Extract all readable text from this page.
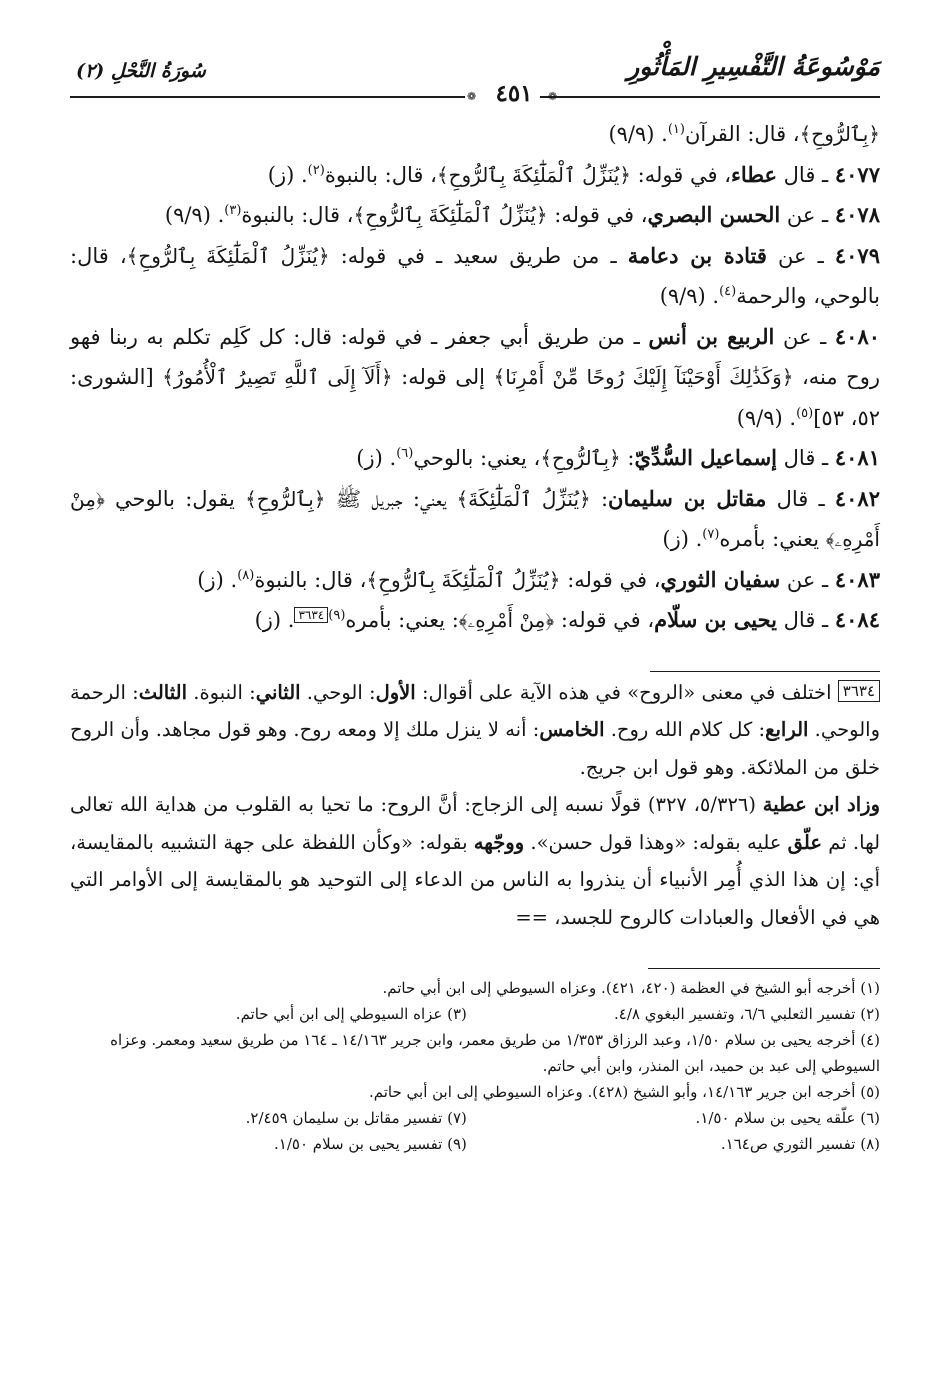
مَوْسُوعَةُ التَّفْسِيرِ المَأْثُورِ
سُورَةُ النَّحْلِ (٢)
❁
❁ ٤٥١

﴿بِٱلرُّوحِ﴾، قال: القرآن$^{(١)}$. (٩/٩)

٤٠٧٧ ـ قال عطاء، في قوله: ﴿يُنَزِّلُ ٱلْمَلَٰٓئِكَةَ بِٱلرُّوحِ﴾، قال: بالنبوة$^{(٢)}$. (ز)

٤٠٧٨ ـ عن الحسن البصري، في قوله: ﴿يُنَزِّلُ ٱلْمَلَٰٓئِكَةَ بِٱلرُّوحِ﴾، قال: بالنبوة$^{(٣)}$. (٩/٩)

٤٠٧٩ ـ عن قتادة بن دعامة ـ من طريق سعيد ـ في قوله: ﴿يُنَزِّلُ ٱلْمَلَٰٓئِكَةَ بِٱلرُّوحِ﴾، قال: بالوحي، والرحمة$^{(٤)}$. (٩/٩)

٤٠٨٠ ـ عن الربيع بن أنس ـ من طريق أبي جعفر ـ في قوله: قال: كل كَلِم تكلم به ربنا فهو روح منه، ﴿وَكَذَٰلِكَ أَوْحَيْنَآ إِلَيْكَ رُوحًا مِّنْ أَمْرِنَا﴾ إلى قوله: ﴿أَلَآ إِلَى ٱللَّهِ تَصِيرُ ٱلْأُمُورُ﴾ [الشورى: ٥٢، ٥٣]$^{(٥)}$. (٩/٩)

٤٠٨١ ـ قال إسماعيل السُّدِّيّ: ﴿بِٱلرُّوحِ﴾، يعني: بالوحي$^{(٦)}$. (ز)

٤٠٨٢ ـ قال مقاتل بن سليمان: ﴿يُنَزِّلُ ٱلْمَلَٰٓئِكَةَ﴾ يعني: جبريل ﷺ ﴿بِٱلرُّوحِ﴾ يقول: بالوحي ﴿مِنْ أَمْرِهِۦ﴾ يعني: بأمره$^{(٧)}$. (ز)

٤٠٨٣ ـ عن سفيان الثوري، في قوله: ﴿يُنَزِّلُ ٱلْمَلَٰٓئِكَةَ بِٱلرُّوحِ﴾، قال: بالنبوة$^{(٨)}$. (ز)

٤٠٨٤ ـ قال يحيى بن سلّام، في قوله: ﴿مِنْ أَمْرِهِۦ﴾: يعني: بأمره$^{(٩)}$٣٦٣٤. (ز)

٣٦٣٤ اختلف في معنى «الروح» في هذه الآية على أقوال: الأول: الوحي. الثاني: النبوة. الثالث: الرحمة والوحي. الرابع: كل كلام الله روح. الخامس: أنه لا ينزل ملك إلا ومعه روح. وهو قول مجاهد. وأن الروح خلق من الملائكة. وهو قول ابن جريج.

وزاد ابن عطية (٥/٣٢٦، ٣٢٧) قولًا نسبه إلى الزجاج: أنَّ الروح: ما تحيا به القلوب من هداية الله تعالى لها. ثم علّق عليه بقوله: «وهذا قول حسن». ووجّهه بقوله: «وكأن اللفظة على جهة التشبيه بالمقايسة، أي: إن هذا الذي أُمِر الأنبياء أن ينذروا به الناس من الدعاء إلى التوحيد هو بالمقايسة إلى الأوامر التي هي في الأفعال والعبادات كالروح للجسد، ==

(١) أخرجه أبو الشيخ في العظمة (٤٢٠، ٤٢١). وعزاه السيوطي إلى ابن أبي حاتم.
(٢) تفسير الثعلبي ٦/٦، وتفسير البغوي ٤/٨.
(٣) عزاه السيوطي إلى ابن أبي حاتم.
(٤) أخرجه يحيى بن سلام ١/٥٠، وعبد الرزاق ١/٣٥٣ من طريق معمر، وابن جرير ١٤/١٦٣ ـ ١٦٤ من طريق سعيد ومعمر. وعزاه السيوطي إلى عبد بن حميد، ابن المنذر، وابن أبي حاتم.
(٥) أخرجه ابن جرير ١٤/١٦٣، وأبو الشيخ (٤٢٨). وعزاه السيوطي إلى ابن أبي حاتم.
(٦) علّقه يحيى بن سلام ١/٥٠.
(٧) تفسير مقاتل بن سليمان ٢/٤٥٩.
(٨) تفسير الثوري ص١٦٤.
(٩) تفسير يحيى بن سلام ١/٥٠.
